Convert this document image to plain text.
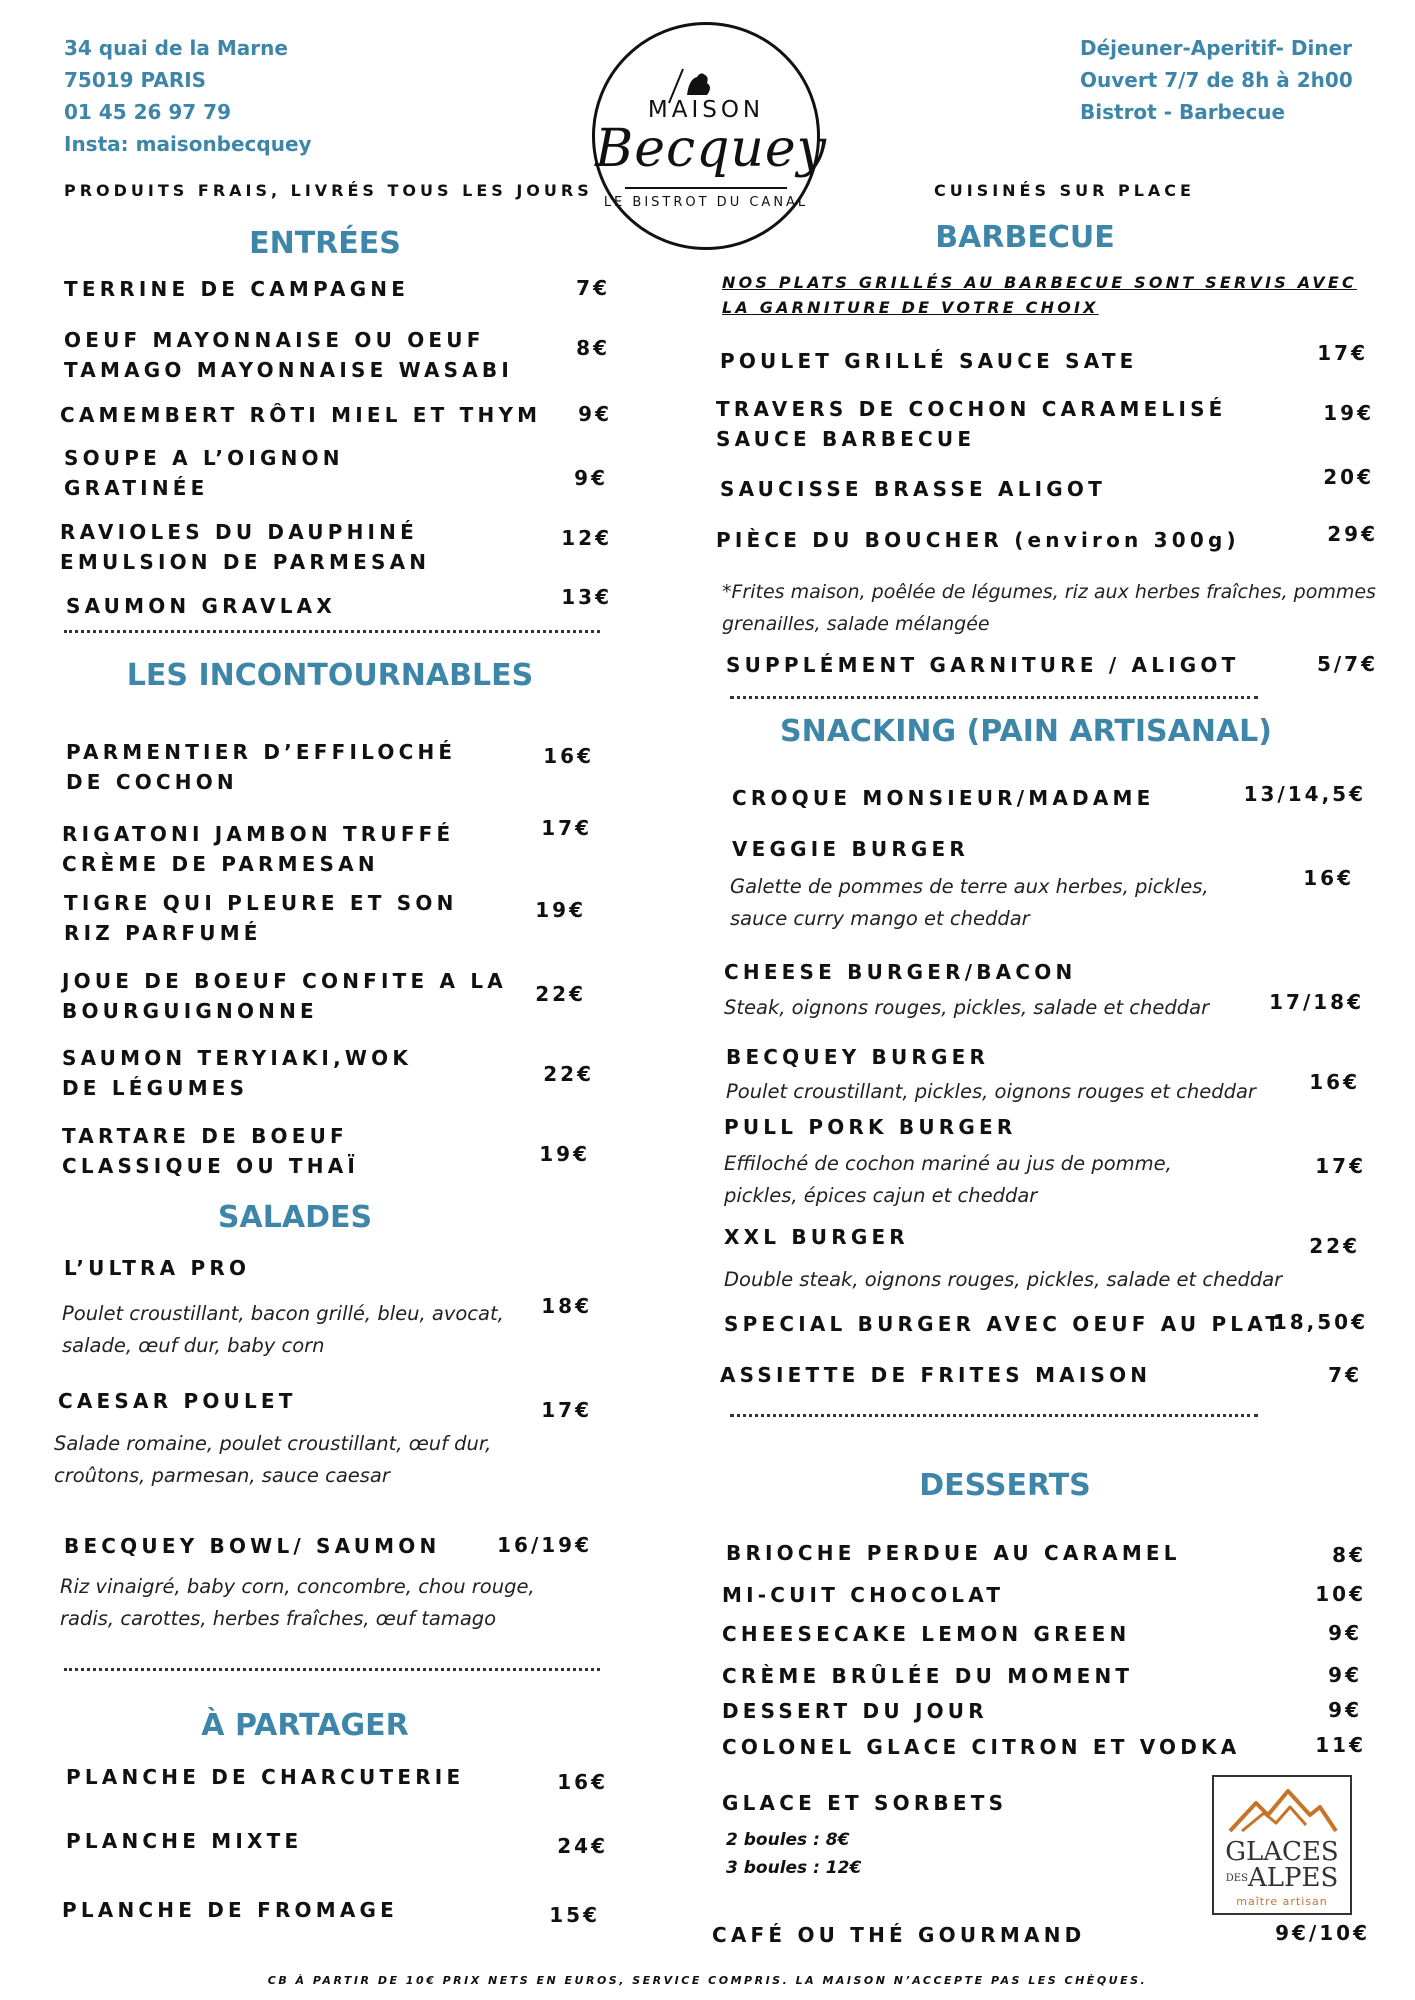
34 quai de la Marne
75019 PARIS
01 45 26 97 79
Insta: maisonbecquey
Déjeuner-Aperitif- Diner
Ouvert 7/7 de 8h à 2h00
Bistrot - Barbecue
PRODUITS FRAIS, LIVRÉS TOUS LES JOURS	CUISINÉS SUR PLACE
MAISON
Becquey
LE BISTROT DU CANAL
ENTRÉES
TERRINE DE CAMPAGNE	7€
OEUF MAYONNAISE OU OEUF
TAMAGO MAYONNAISE WASABI
8€
CAMEMBERT RÔTI MIEL ET THYM	9€
SOUPE A L’OIGNON
GRATINÉE	9€
RAVIOLES DU DAUPHINÉ
EMULSION DE PARMESAN
12€
SAUMON GRAVLAX	13€
LES INCONTOURNABLES
PARMENTIER D’EFFILOCHÉ
DE COCHON
16€
RIGATONI JAMBON TRUFFÉ
CRÈME DE PARMESAN
17€
TIGRE QUI PLEURE ET SON
RIZ PARFUMÉ
19€
JOUE DE BOEUF CONFITE A LA
BOURGUIGNONNE
22€
SAUMON TERYIAKI,WOK
DE LÉGUMES
22€
TARTARE DE BOEUF
CLASSIQUE OU THAÏ	19€
SALADES
L’ULTRA PRO
Poulet croustillant, bacon grillé, bleu, avocat,
salade, œuf dur, baby corn
18€
CAESAR POULET
Salade romaine, poulet croustillant, œuf dur,
croûtons, parmesan, sauce caesar
17€
BECQUEY BOWL/ SAUMON
Riz vinaigré, baby corn, concombre, chou rouge,
radis, carottes, herbes fraîches, œuf tamago
16/19€
À PARTAGER
PLANCHE DE CHARCUTERIE	16€
PLANCHE MIXTE	24€
PLANCHE DE FROMAGE	15€
BARBECUE
NOS PLATS GRILLÉS AU BARBECUE SONT SERVIS AVEC
LA GARNITURE DE VOTRE CHOIX
POULET GRILLÉ SAUCE SATE	17€
TRAVERS DE COCHON CARAMELISÉ
SAUCE BARBECUE
19€
SAUCISSE BRASSE ALIGOT	20€
PIÈCE DU BOUCHER (environ 300g)	29€
*Frites maison, poêlée de légumes, riz aux herbes fraîches, pommes
grenailles, salade mélangée
SUPPLÉMENT GARNITURE / ALIGOT	5/7€
SNACKING (PAIN ARTISANAL)
CROQUE MONSIEUR/MADAME	13/14,5€
VEGGIE BURGER
Galette de pommes de terre aux herbes, pickles,
sauce curry mango et cheddar
16€
CHEESE BURGER/BACON
Steak, oignons rouges, pickles, salade et cheddar	17/18€
BECQUEY BURGER
Poulet croustillant, pickles, oignons rouges et cheddar	16€
PULL PORK BURGER
Effiloché de cochon mariné au jus de pomme,
pickles, épices cajun et cheddar
17€
XXL BURGER
Double steak, oignons rouges, pickles, salade et cheddar
22€
SPECIAL BURGER AVEC OEUF AU PLAT
18,50€
ASSIETTE DE FRITES MAISON	7€
DESSERTS
BRIOCHE PERDUE AU CARAMEL	8€
MI-CUIT CHOCOLAT	10€
CHEESECAKE LEMON GREEN	9€
CRÈME BRÛLÉE DU MOMENT	9€
DESSERT DU JOUR	9€
COLONEL GLACE CITRON ET VODKA	11€
GLACE ET SORBETS
2 boules : 8€
3 boules : 12€
CAFÉ OU THÉ GOURMAND	9€/10€
GLACES
DESALPES
maître artisan
CB À PARTIR DE 10€ PRIX NETS EN EUROS, SERVICE COMPRIS. LA MAISON N’ACCEPTE PAS LES CHÈQUES.
